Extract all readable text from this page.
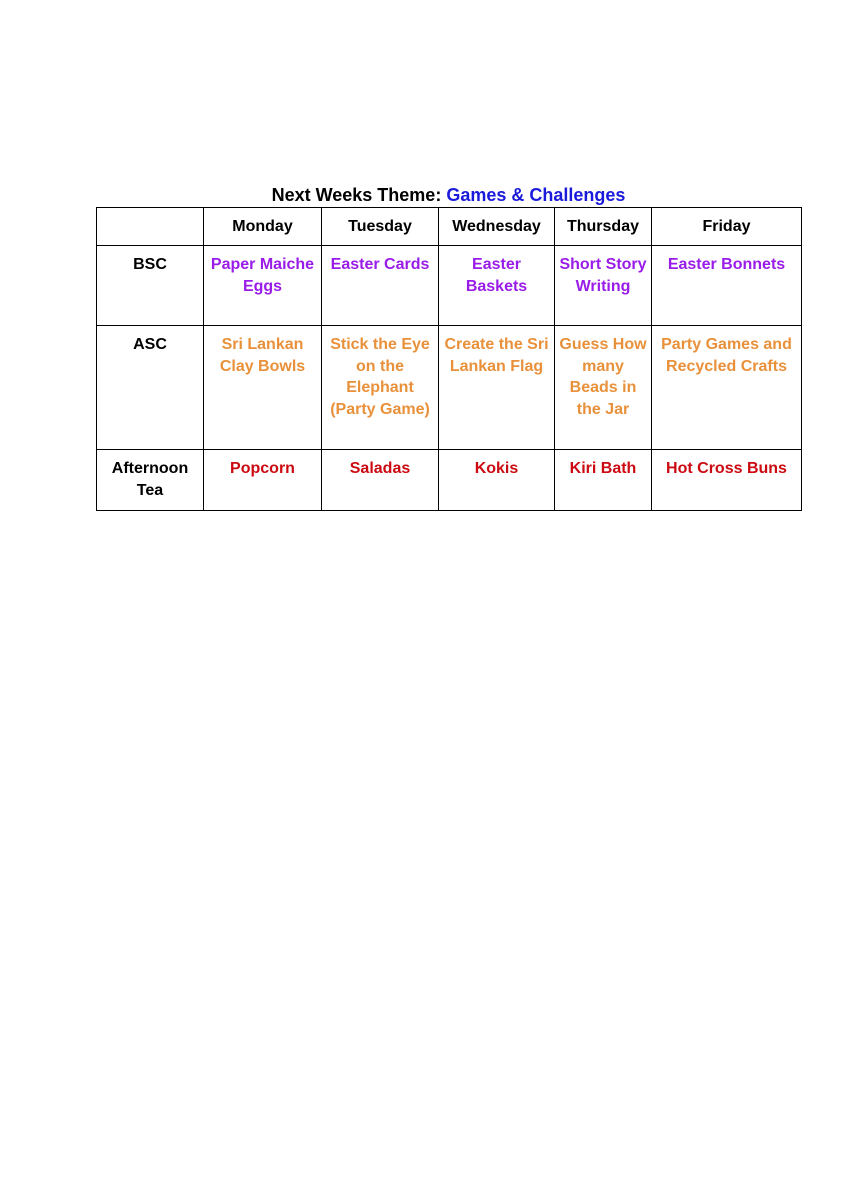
Next Weeks Theme: Games & Challenges
	Monday	Tuesday	Wednesday	Thursday	Friday
BSC	Paper Maiche Eggs	Easter Cards	Easter Baskets	Short Story Writing	Easter Bonnets
ASC	Sri Lankan Clay Bowls	Stick the Eye on the Elephant (Party Game)	Create the Sri Lankan Flag	Guess How many Beads in the Jar	Party Games and Recycled Crafts
Afternoon Tea	Popcorn	Saladas	Kokis	Kiri Bath	Hot Cross Buns
